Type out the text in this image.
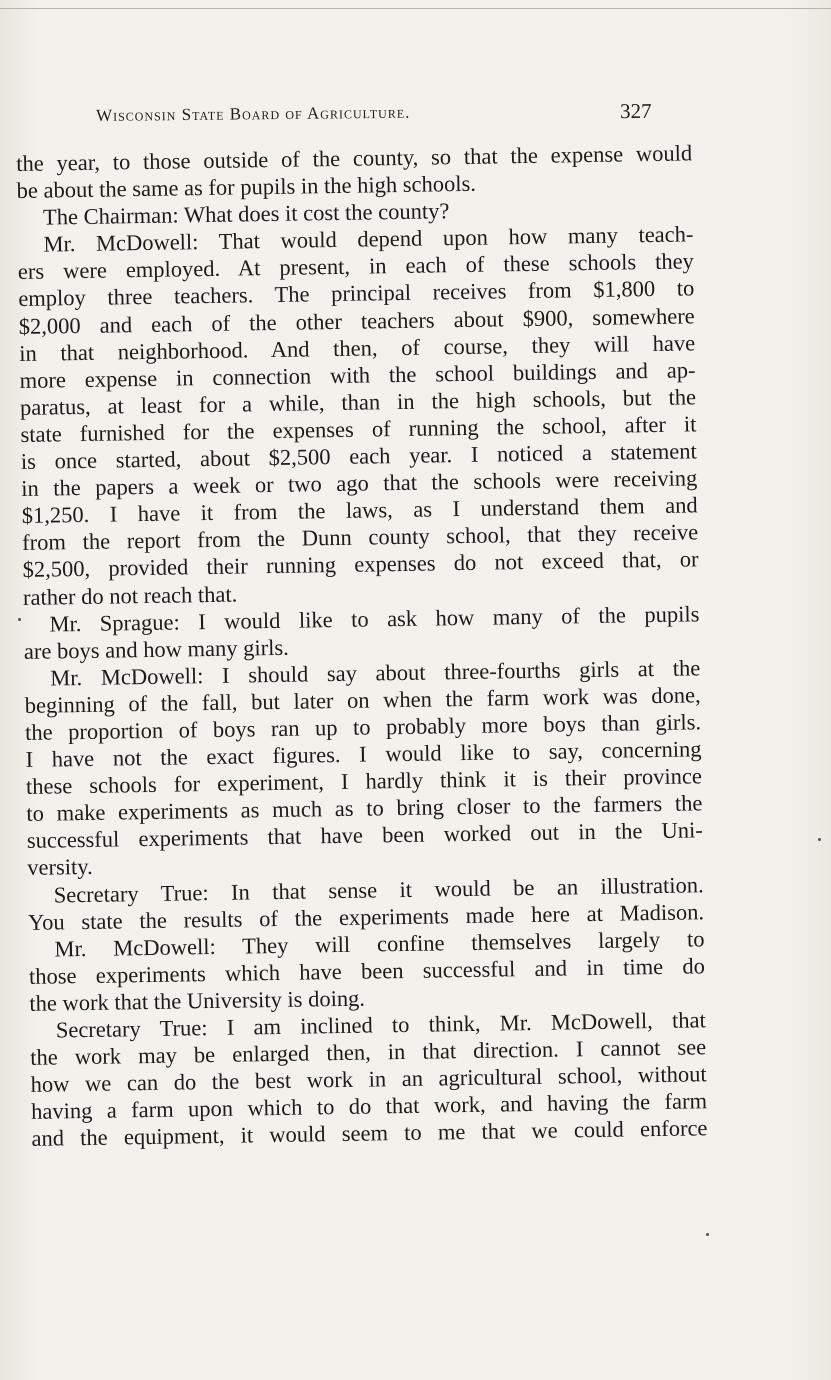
Wisconsin State Board of Agriculture.	327
the year, to those outside of the county, so that the expense would
be about the same as for pupils in the high schools.
The Chairman: What does it cost the county?
Mr. McDowell: That would depend upon how many teach-
ers were employed. At present, in each of these schools they
employ three teachers. The principal receives from $1,800 to
$2,000 and each of the other teachers about $900, somewhere
in that neighborhood. And then, of course, they will have
more expense in connection with the school buildings and ap-
paratus, at least for a while, than in the high schools, but the
state furnished for the expenses of running the school, after it
is once started, about $2,500 each year. I noticed a statement
in the papers a week or two ago that the schools were receiving
$1,250. I have it from the laws, as I understand them and
from the report from the Dunn county school, that they receive
$2,500, provided their running expenses do not exceed that, or
rather do not reach that.
Mr. Sprague: I would like to ask how many of the pupils
are boys and how many girls.
Mr. McDowell: I should say about three-fourths girls at the
beginning of the fall, but later on when the farm work was done,
the proportion of boys ran up to probably more boys than girls.
I have not the exact figures. I would like to say, concerning
these schools for experiment, I hardly think it is their province
to make experiments as much as to bring closer to the farmers the
successful experiments that have been worked out in the Uni-
versity.
Secretary True: In that sense it would be an illustration.
You state the results of the experiments made here at Madison.
Mr. McDowell: They will confine themselves largely to
those experiments which have been successful and in time do
the work that the University is doing.
Secretary True: I am inclined to think, Mr. McDowell, that
the work may be enlarged then, in that direction. I cannot see
how we can do the best work in an agricultural school, without
having a farm upon which to do that work, and having the farm
and the equipment, it would seem to me that we could enforce
